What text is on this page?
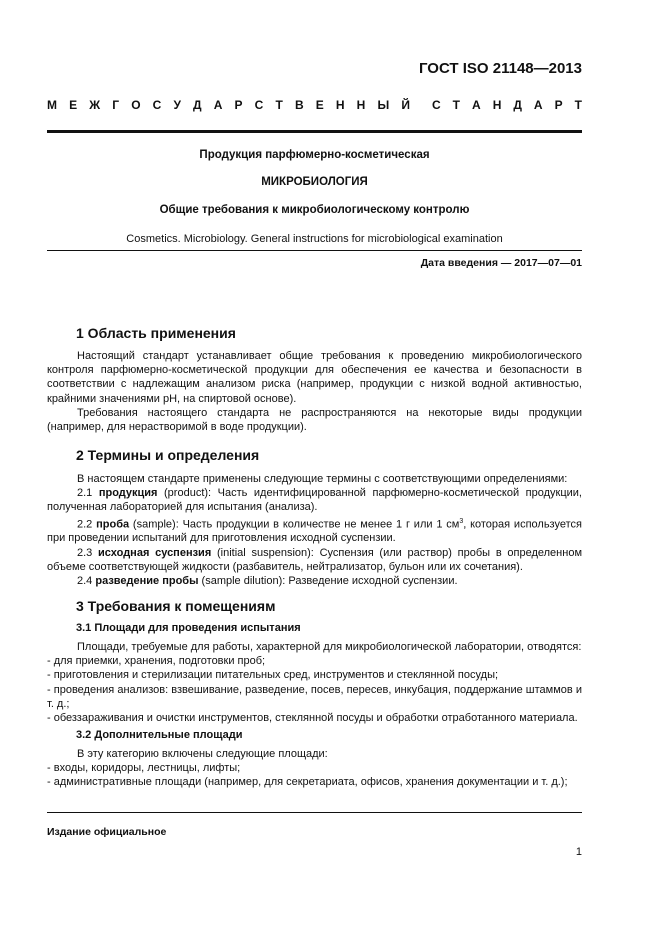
ГОСТ ISO 21148—2013
М Е Ж Г О С У Д А Р С Т В Е Н Н Ы Й С Т А Н Д А Р Т
Продукция парфюмерно-косметическая
МИКРОБИОЛОГИЯ
Общие требования к микробиологическому контролю
Cosmetics. Microbiology. General instructions for microbiological examination
Дата введения — 2017—07—01
1 Область применения

Настоящий стандарт устанавливает общие требования к проведению микробиологического контроля парфюмерно-косметической продукции для обеспечения ее качества и безопасности в соответствии с надлежащим анализом риска (например, продукции с низкой водной активностью, крайними значениями pH, на спиртовой основе).

Требования настоящего стандарта не распространяются на некоторые виды продукции (например, для нерастворимой в воде продукции).

2 Термины и определения

В настоящем стандарте применены следующие термины с соответствующими определениями:

2.1 продукция (product): Часть идентифицированной парфюмерно-косметической продукции, полученная лабораторией для испытания (анализа).

2.2 проба (sample): Часть продукции в количестве не менее 1 г или 1 $см^3$, которая используется при проведении испытаний для приготовления исходной суспензии.

2.3 исходная суспензия (initial suspension): Суспензия (или раствор) пробы в определенном объеме соответствующей жидкости (разбавитель, нейтрализатор, бульон или их сочетания).

2.4 разведение пробы (sample dilution): Разведение исходной суспензии.

3 Требования к помещениям
3.1 Площади для проведения испытания

Площади, требуемые для работы, характерной для микробиологической лаборатории, отводятся:

- для приемки, хранения, подготовки проб;

- приготовления и стерилизации питательных сред, инструментов и стеклянной посуды;

- проведения анализов: взвешивание, разведение, посев, пересев, инкубация, поддержание штаммов и т. д.;

- обеззараживания и очистки инструментов, стеклянной посуды и обработки отработанного материала.

3.2 Дополнительные площади

В эту категорию включены следующие площади:

- входы, коридоры, лестницы, лифты;

- административные площади (например, для секретариата, офисов, хранения документации и т. д.);

Издание официальное
1
